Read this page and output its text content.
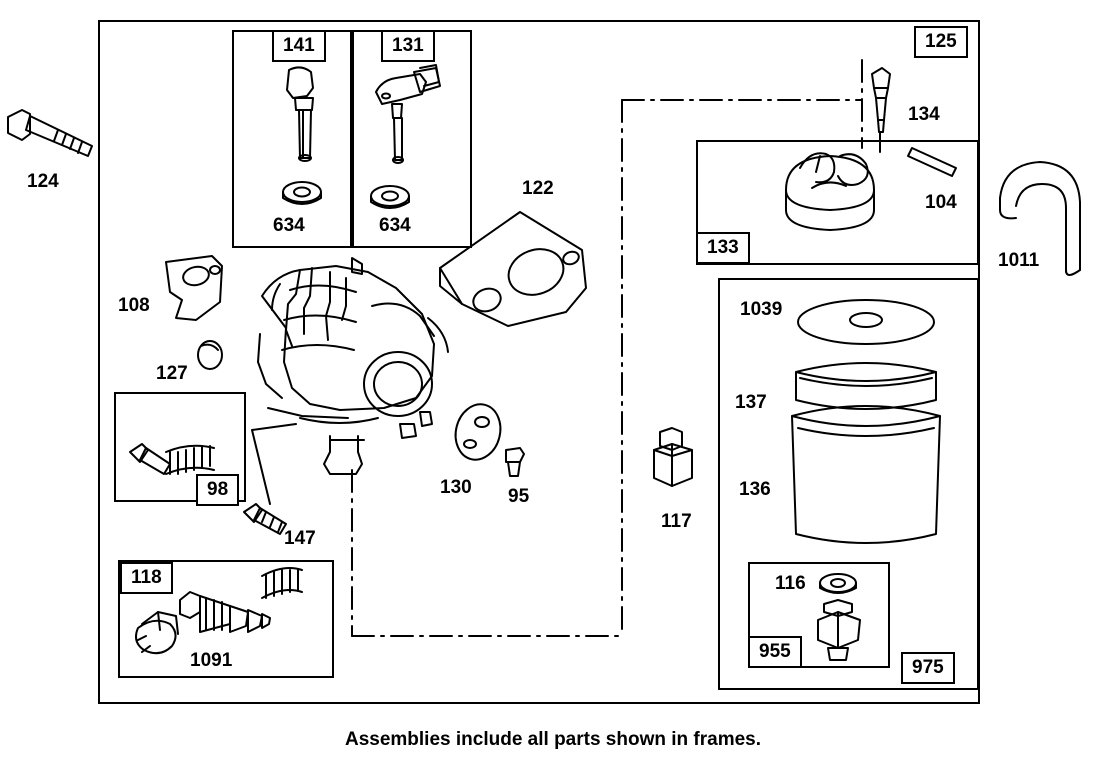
125
141	131
133
98
118
955
975
124
634	634
122
134
104
1011
108
127
1039
137
136
147
130 95
117
1091
116
Assemblies include all parts shown in frames.
